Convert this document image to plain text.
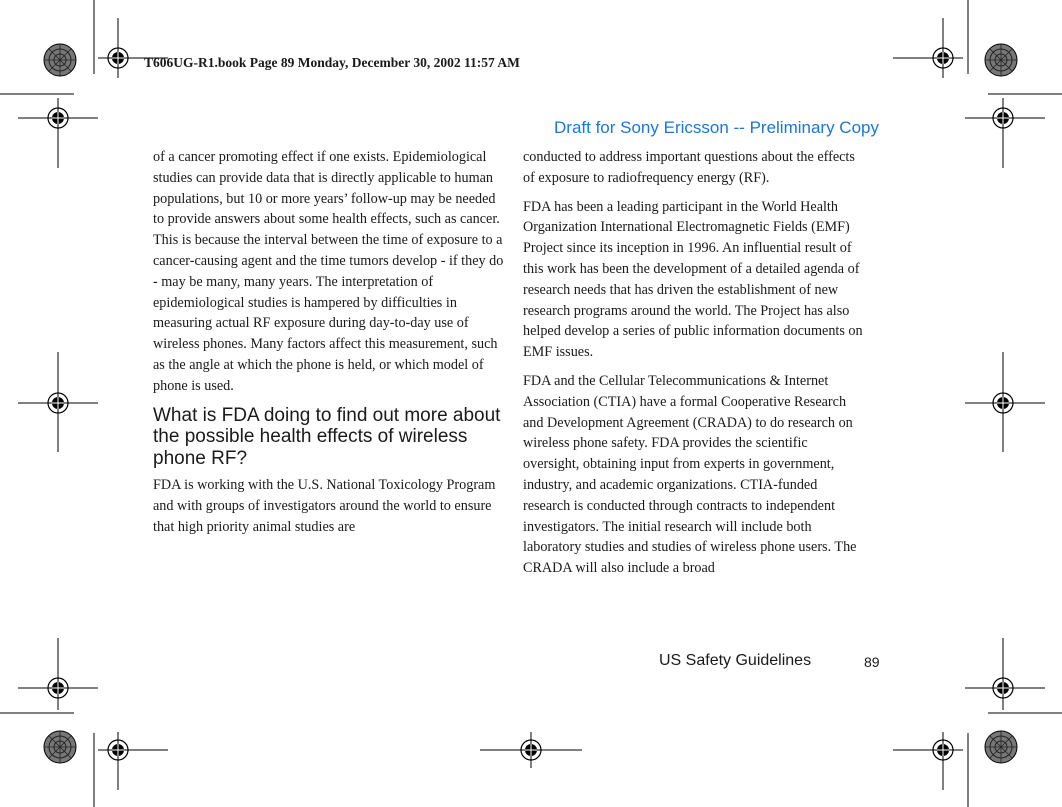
T606UG-R1.book Page 89 Monday, December 30, 2002 11:57 AM
Draft for Sony Ericsson -- Preliminary Copy

of a cancer promoting effect if one exists. Epidemiological studies can provide data that is directly applicable to human populations, but 10 or more years’ follow-up may be needed to provide answers about some health effects, such as cancer. This is because the interval between the time of exposure to a cancer-causing agent and the time tumors develop - if they do - may be many, many years. The interpretation of epidemiological studies is hampered by difficulties in measuring actual RF exposure during day-to-day use of wireless phones. Many factors affect this measurement, such as the angle at which the phone is held, or which model of phone is used.

What is FDA doing to find out more about the possible health effects of wireless phone RF?

FDA is working with the U.S. National Toxicology Program and with groups of investigators around the world to ensure that high priority animal studies are

conducted to address important questions about the effects of exposure to radiofrequency energy (RF).

FDA has been a leading participant in the World Health Organization International Electromagnetic Fields (EMF) Project since its inception in 1996. An influential result of this work has been the development of a detailed agenda of research needs that has driven the establishment of new research programs around the world. The Project has also helped develop a series of public information documents on EMF issues.

FDA and the Cellular Telecommunications & Internet Association (CTIA) have a formal Cooperative Research and Development Agreement (CRADA) to do research on wireless phone safety. FDA provides the scientific oversight, obtaining input from experts in government, industry, and academic organizations. CTIA-funded research is conducted through contracts to independent investigators. The initial research will include both laboratory studies and studies of wireless phone users. The CRADA will also include a broad

US Safety Guidelines	89
